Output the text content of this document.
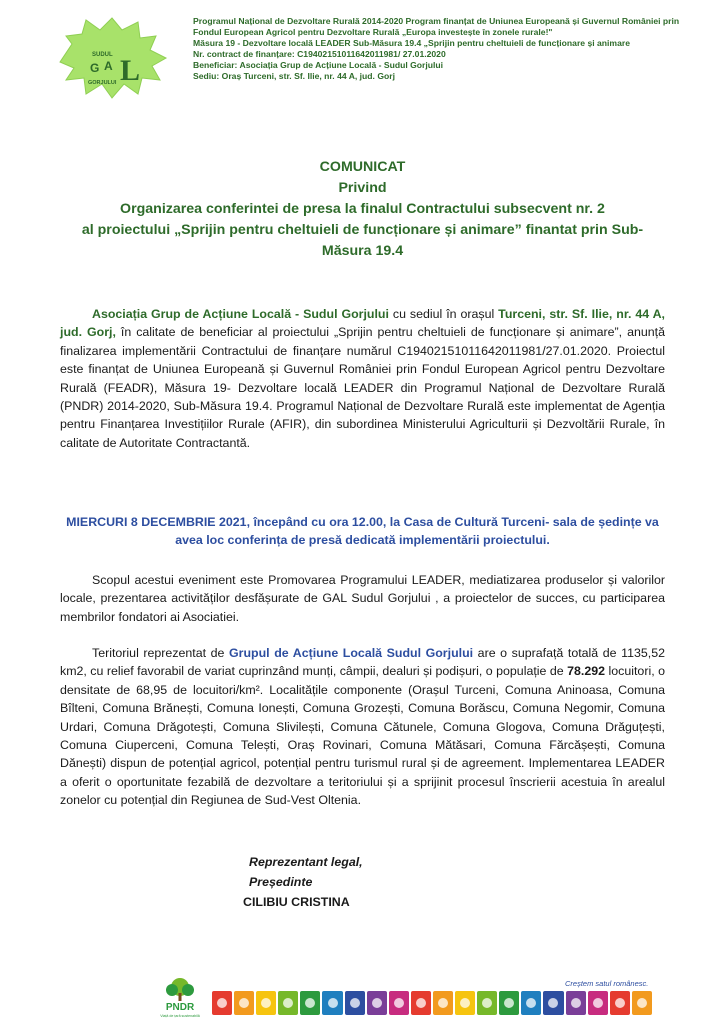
SUDUL
A
G L
GORJULUI
Programul Național de Dezvoltare Rurală 2014-2020 Program finanțat de Uniunea Europeană și Guvernul României prin
Fondul European Agricol pentru Dezvoltare Rurală „Europa investește în zonele rurale!"
Măsura 19 - Dezvoltare locală LEADER Sub-Măsura 19.4 „Sprijin pentru cheltuieli de funcționare și animare
Nr. contract de finanțare: C19402151011642011981/ 27.01.2020
Beneficiar: Asociația Grup de Acțiune Locală - Sudul Gorjului
Sediu: Oraș Turceni, str. Sf. Ilie, nr. 44 A, jud. Gorj
COMUNICAT
Privind
Organizarea conferintei de presa la finalul Contractului subsecvent nr. 2
al proiectului „Sprijin pentru cheltuieli de funcționare și animare” finantat prin Sub-
Măsura 19.4

Asociația Grup de Acțiune Locală - Sudul Gorjului cu sediul în orașul Turceni, str. Sf. Ilie, nr. 44 A, jud. Gorj, în calitate de beneficiar al proiectului „Sprijin pentru cheltuieli de funcționare și animare”, anunță finalizarea implementării Contractului de finanțare numărul C19402151011642011981/27.01.2020. Proiectul este finanțat de Uniunea Europeană și Guvernul României prin Fondul European Agricol pentru Dezvoltare Rurală (FEADR), Măsura 19- Dezvoltare locală LEADER din Programul Național de Dezvoltare Rurală (PNDR) 2014-2020, Sub-Măsura 19.4. Programul Național de Dezvoltare Rurală este implementat de Agenția pentru Finanțarea Investițiilor Rurale (AFIR), din subordinea Ministerului Agriculturii și Dezvoltării Rurale, în calitate de Autoritate Contractantă.

MIERCURI 8 DECEMBRIE 2021, începând cu ora 12.00, la Casa de Cultură Turceni- sala de ședințe va avea loc conferința de presă dedicată implementării proiectului.

Scopul acestui eveniment este Promovarea Programului LEADER, mediatizarea produselor și valorilor locale, prezentarea activităților desfășurate de GAL Sudul Gorjului , a proiectelor de succes, cu participarea membrilor fondatori ai Asociatiei.

Teritoriul reprezentat de Grupul de Acțiune Locală Sudul Gorjului are o suprafață totală de 1135,52 km2, cu relief favorabil de variat cuprinzând munți, câmpii, dealuri și podișuri, o populație de 78.292 locuitori, o densitate de 68,95 de locuitori/km². Localitățile componente (Orașul Turceni, Comuna Aninoasa, Comuna Bîlteni, Comuna Brănești, Comuna Ionești, Comuna Grozești, Comuna Borăscu, Comuna Negomir, Comuna Urdari, Comuna Drăgotești, Comuna Slivilești, Comuna Cătunele, Comuna Glogova, Comuna Drăguțești, Comuna Ciuperceni, Comuna Telești, Oraș Rovinari, Comuna Mătăsari, Comuna Fărcășești, Comuna Dănești) dispun de potențial agricol, potențial pentru turismul rural și de agreement. Implementarea LEADER a oferit o oportunitate fezabilă de dezvoltare a teritoriului și a sprijinit procesul înscrierii acestuia în arealul zonelor cu potențial din Regiunea de Sud-Vest Oltenia.

Reprezentant legal,
Președinte
CILIBIU CRISTINA
PNDR
Viață de țară sustenabilă
Creștem satul românesc.
